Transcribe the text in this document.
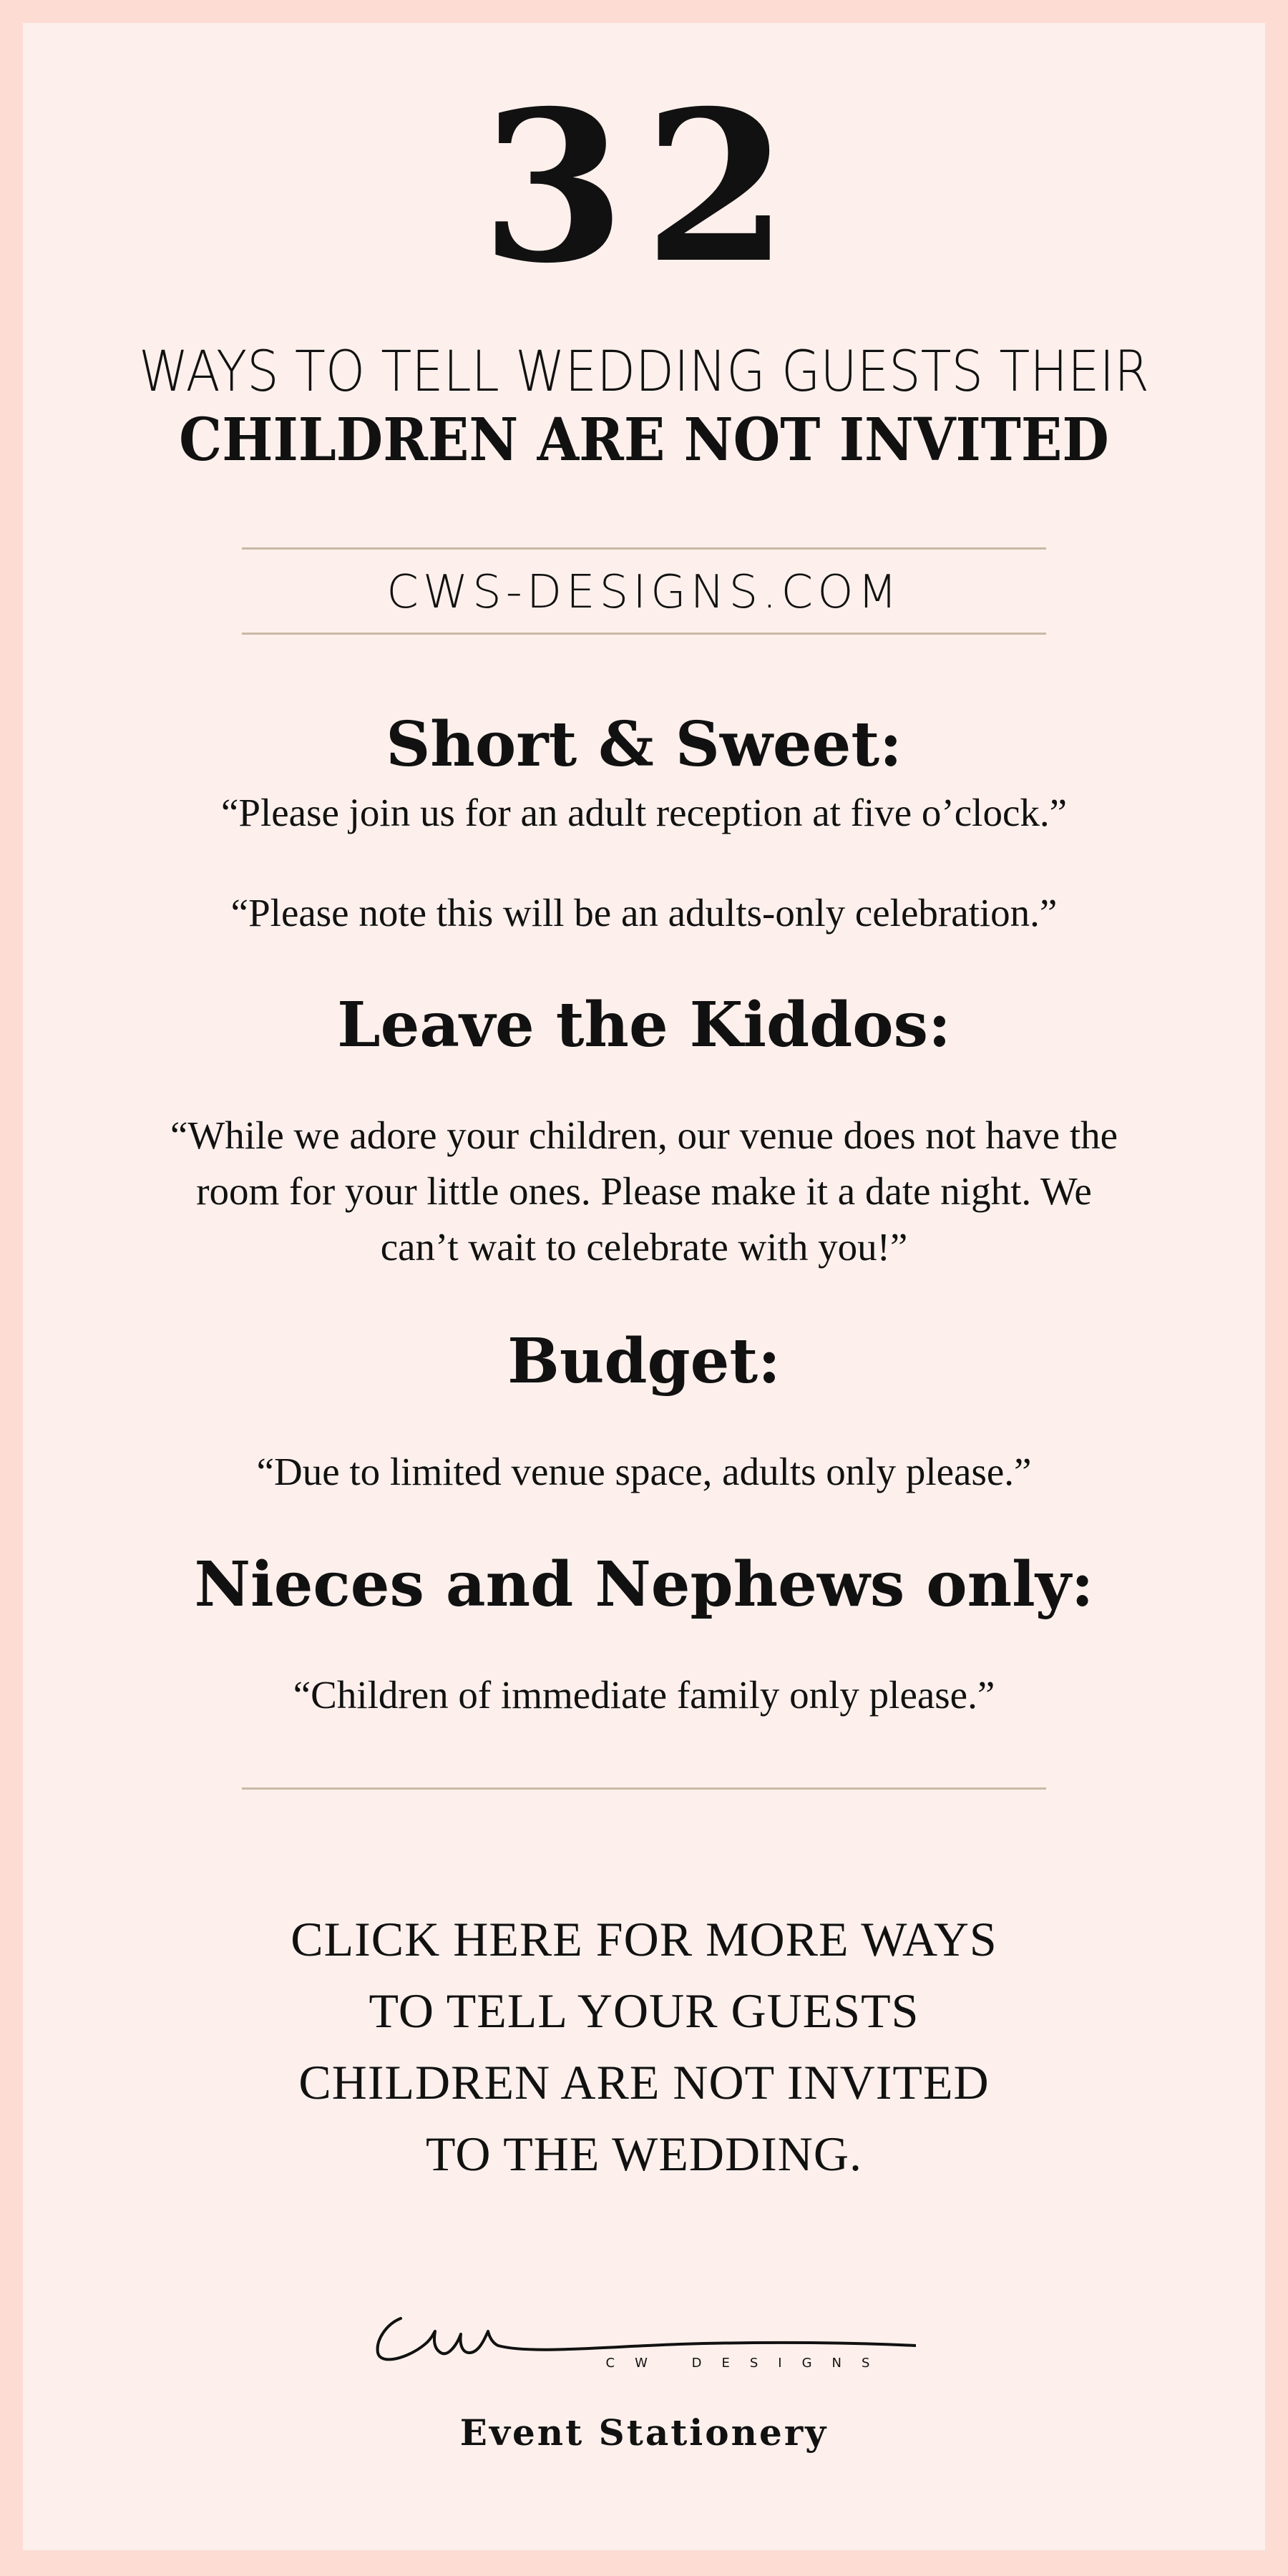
32
WAYS TO TELL WEDDING GUESTS THEIR
CHILDREN ARE NOT INVITED
CWS-DESIGNS.COM
Short & Sweet:
“Please join us for an adult reception at five o’clock.”
“Please note this will be an adults-only celebration.”
Leave the Kiddos:
“While we adore your children, our venue does not have the
room for your little ones. Please make it a date night. We
can’t wait to celebrate with you!”
Budget:
“Due to limited venue space, adults only please.”
Nieces and Nephews only:
“Children of immediate family only please.”
CLICK HERE FOR MORE WAYS
TO TELL YOUR GUESTS
CHILDREN ARE NOT INVITED
TO THE WEDDING.
CW DESIGNS
Event Stationery
